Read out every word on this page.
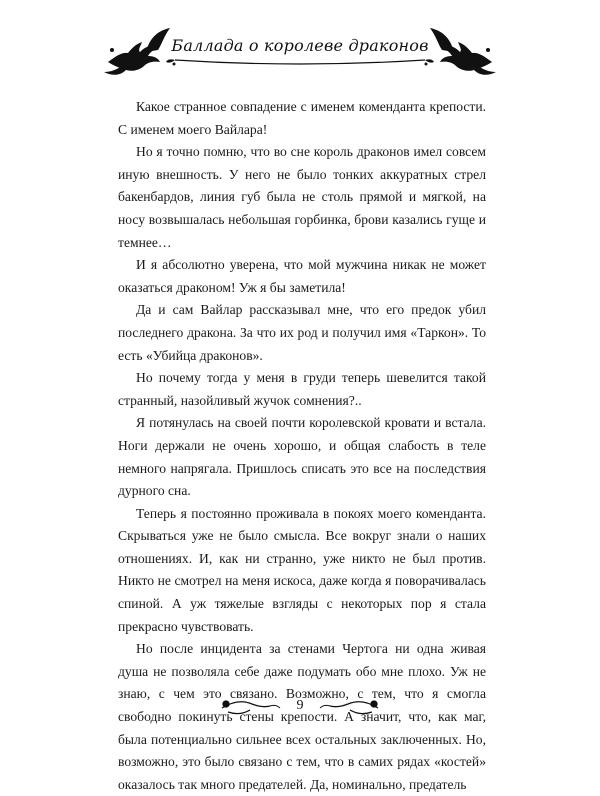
Баллада о королеве драконов

Какое странное совпадение с именем коменданта крепости. С именем моего Вайлара!

Но я точно помню, что во сне король драконов имел совсем иную внешность. У него не было тонких аккуратных стрел бакенбардов, линия губ была не столь прямой и мягкой, на носу возвышалась небольшая горбинка, брови казались гуще и темнее…

И я абсолютно уверена, что мой мужчина никак не может оказаться драконом! Уж я бы заметила!

Да и сам Вайлар рассказывал мне, что его предок убил последнего дракона. За что их род и получил имя «Таркон». То есть «Убийца драконов».

Но почему тогда у меня в груди теперь шевелится такой странный, назойливый жучок сомнения?..

Я потянулась на своей почти королевской кровати и встала. Ноги держали не очень хорошо, и общая слабость в теле немного напрягала. Пришлось списать это все на последствия дурного сна.

Теперь я постоянно проживала в покоях моего коменданта. Скрываться уже не было смысла. Все вокруг знали о наших отношениях. И, как ни странно, уже никто не был против. Никто не смотрел на меня искоса, даже когда я поворачивалась спиной. А уж тяжелые взгляды с некоторых пор я стала прекрасно чувствовать.

Но после инцидента за стенами Чертога ни одна живая душа не позволяла себе даже подумать обо мне плохо. Уж не знаю, с чем это связано. Возможно, с тем, что я смогла свободно покинуть стены крепости. А значит, что, как маг, была потенциально сильнее всех остальных заключенных. Но, возможно, это было связано с тем, что в самих рядах «костей» оказалось так много предателей. Да, номинально, предатель

9
